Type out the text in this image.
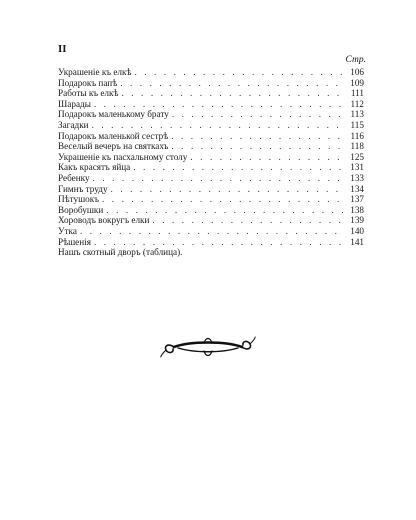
II
Стр.
Украшеніе къ елкѣ . . .	106
Подарокъ папѣ . . .	109
Работы къ елкѣ . . .	111
Шарады . . .	112
Подарокъ маленькому брату . . .	113
Загадки . . .	115
Подарокъ маленькой сестрѣ . . .	116
Веселый вечеръ на святкахъ . . .	118
Украшеніе къ пасхальному столу . . .	125
Какъ красятъ яйца . . .	131
Ребенку . . .	133
Гимнъ труду . . .	134
Пѣтушокъ . . .	137
Воробушки . . .	138
Хороводъ вокругъ елки . . .	139
Утка . . .	140
Рѣшенія . . .	141
Нашъ скотный дворъ (таблица).
